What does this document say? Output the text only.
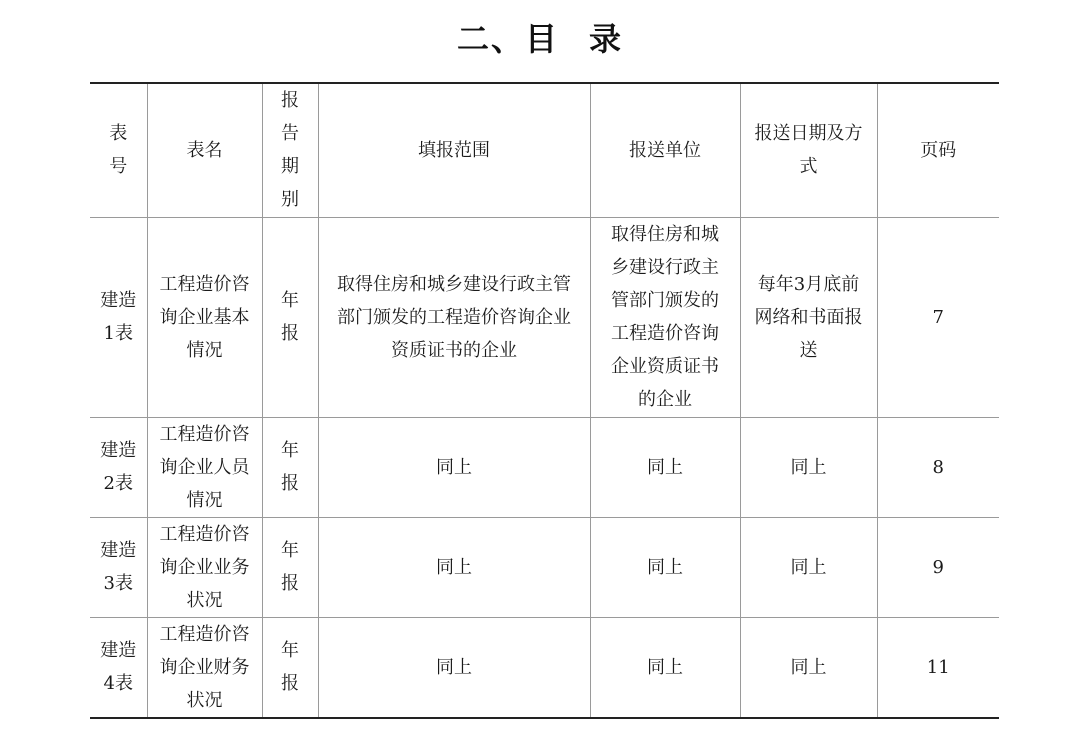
二、目 录
表号	表名	报告期别	填报范围	报送单位	报送日期及方式	页码
建造1表	工程造价咨询企业基本情况	年报	取得住房和城乡建设行政主管部门颁发的工程造价咨询企业资质证书的企业	取得住房和城乡建设行政主管部门颁发的工程造价咨询企业资质证书的企业	每年3月底前网络和书面报送	7
建造2表	工程造价咨询企业人员情况	年报	同上	同上	同上	8
建造3表	工程造价咨询企业业务状况	年报	同上	同上	同上	9
建造4表	工程造价咨询企业财务状况	年报	同上	同上	同上	11
